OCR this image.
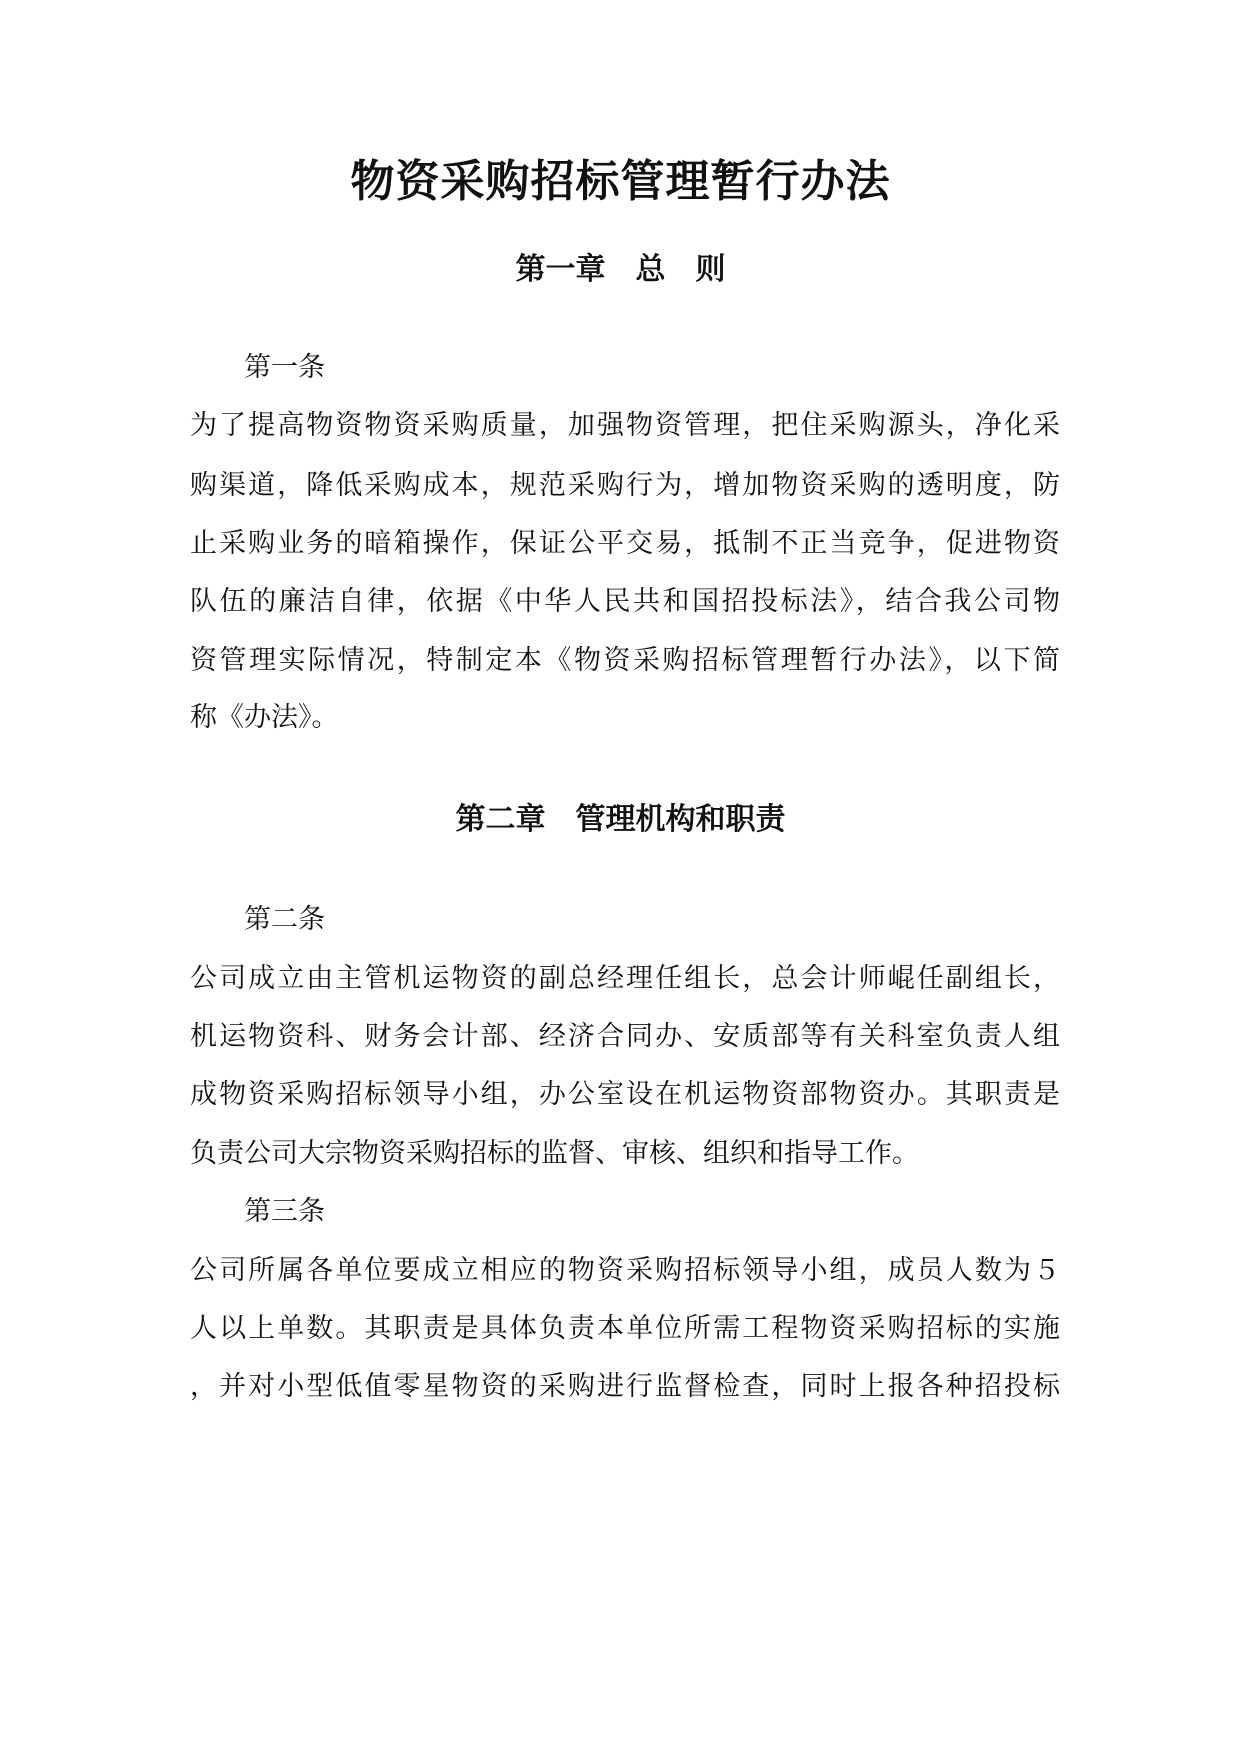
物资采购招标管理暂行办法
第一章　总　则
第一条
为了提高物资物资采购质量，加强物资管理，把住采购源头，净化采
购渠道，降低采购成本，规范采购行为，增加物资采购的透明度，防
止采购业务的暗箱操作，保证公平交易，抵制不正当竞争，促进物资
队伍的廉洁自律，依据《中华人民共和国招投标法》，结合我公司物
资管理实际情况，特制定本《物资采购招标管理暂行办法》，以下简
称《办法》。
第二章　管理机构和职责
第二条
公司成立由主管机运物资的副总经理任组长，总会计师崐任副组长，
机运物资科、财务会计部、经济合同办、安质部等有关科室负责人组
成物资采购招标领导小组，办公室设在机运物资部物资办。其职责是
负责公司大宗物资采购招标的监督、审核、组织和指导工作。
第三条
公司所属各单位要成立相应的物资采购招标领导小组，成员人数为５
人以上单数。其职责是具体负责本单位所需工程物资采购招标的实施
，并对小型低值零星物资的采购进行监督检查，同时上报各种招投标
